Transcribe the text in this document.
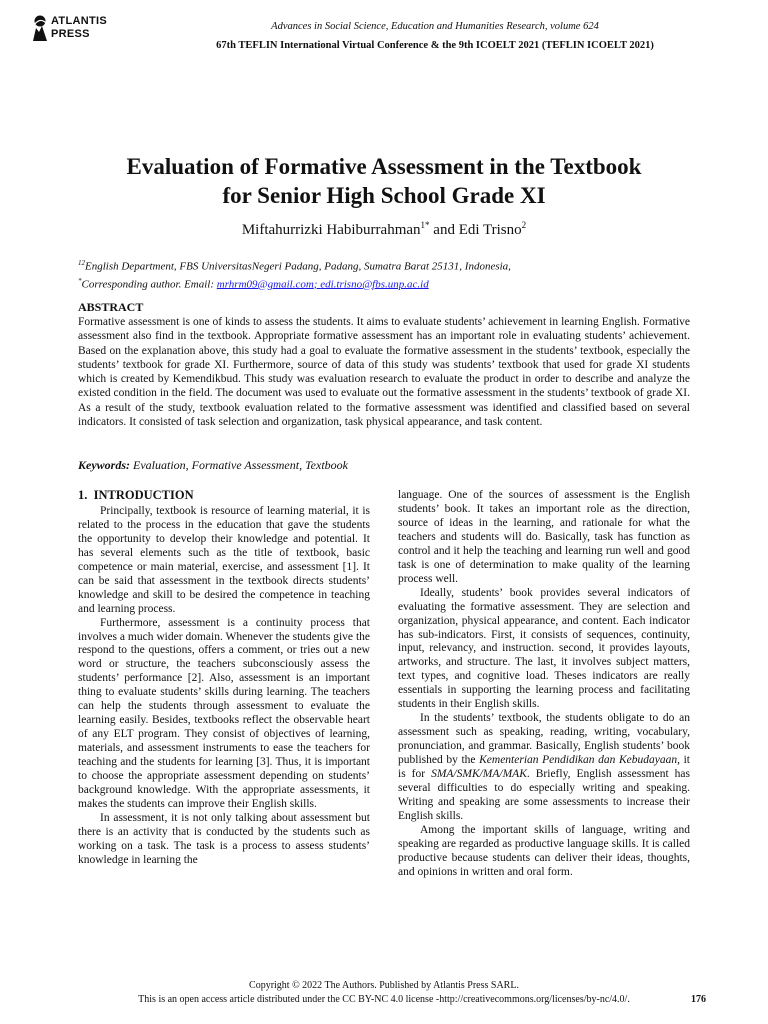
ATLANTIS
PRESS
Advances in Social Science, Education and Humanities Research, volume 624
67th TEFLIN International Virtual Conference & the 9th ICOELT 2021 (TEFLIN ICOELT 2021)
Evaluation of Formative Assessment in the Textbook
for Senior High School Grade XI
Miftahurrizki Habiburrahman$^{1*}$ and Edi Trisno$^2$
$^{12}$English Department, FBS UniversitasNegeri Padang, Padang, Sumatra Barat 25131, Indonesia,
*Corresponding author. Email: mrhrm09@gmail.com; edi.trisno@fbs.unp.ac.id
ABSTRACT
Formative assessment is one of kinds to assess the students. It aims to evaluate students’ achievement in learning English. Formative assessment also find in the textbook. Appropriate formative assessment has an important role in evaluating students’ achievement. Based on the explanation above, this study had a goal to evaluate the formative assessment in the students’ textbook, especially the students’ textbook for grade XI. Furthermore, source of data of this study was students’ textbook that used for grade XI students which is created by Kemendikbud. This study was evaluation research to evaluate the product in order to describe and analyze the existed condition in the field. The document was used to evaluate out the formative assessment in the students’ textbook of grade XI. As a result of the study, textbook evaluation related to the formative assessment was identified and classified based on several indicators. It consisted of task selection and organization, task physical appearance, and task content.
Keywords: Evaluation, Formative Assessment, Textbook
1.  INTRODUCTION

Principally, textbook is resource of learning material, it is related to the process in the education that gave the students the opportunity to develop their knowledge and potential. It has several elements such as the title of textbook, basic competence or main material, exercise, and assessment [1]. It can be said that assessment in the textbook directs students’ knowledge and skill to be desired the competence in teaching and learning process.

Furthermore, assessment is a continuity process that involves a much wider domain. Whenever the students give the respond to the questions, offers a comment, or tries out a new word or structure, the teachers subconsciously assess the students’ performance [2]. Also, assessment is an important thing to evaluate students’ skills during learning. The teachers can help the students through assessment to evaluate the learning easily. Besides, textbooks reflect the observable heart of any ELT program. They consist of objectives of learning, materials, and assessment instruments to ease the teachers for teaching and the students for learning [3]. Thus, it is important to choose the appropriate assessment depending on students’ background knowledge. With the appropriate assessments, it makes the students can improve their English skills.

In assessment, it is not only talking about assessment but there is an activity that is conducted by the students such as working on a task. The task is a process to assess students’ knowledge in learning the

language. One of the sources of assessment is the English students’ book. It takes an important role as the direction, source of ideas in the learning, and rationale for what the teachers and students will do. Basically, task has function as control and it help the teaching and learning run well and good task is one of determination to make quality of the learning process well.

Ideally, students’ book provides several indicators of evaluating the formative assessment. They are selection and organization, physical appearance, and content. Each indicator has sub-indicators. First, it consists of sequences, continuity, input, relevancy, and instruction. second, it provides layouts, artworks, and structure. The last, it involves subject matters, text types, and cognitive load. Theses indicators are really essentials in supporting the learning process and facilitating students in their English skills.

In the students’ textbook, the students obligate to do an assessment such as speaking, reading, writing, vocabulary, pronunciation, and grammar. Basically, English students’ book published by the Kementerian Pendidikan dan Kebudayaan, it is for SMA/SMK/MA/MAK. Briefly, English assessment has several difficulties to do especially writing and speaking. Writing and speaking are some assessments to increase their English skills.

Among the important skills of language, writing and speaking are regarded as productive language skills. It is called productive because students can deliver their ideas, thoughts, and opinions in written and oral form.

Copyright © 2022 The Authors. Published by Atlantis Press SARL.
This is an open access article distributed under the CC BY-NC 4.0 license -http://creativecommons.org/licenses/by-nc/4.0/.	176
